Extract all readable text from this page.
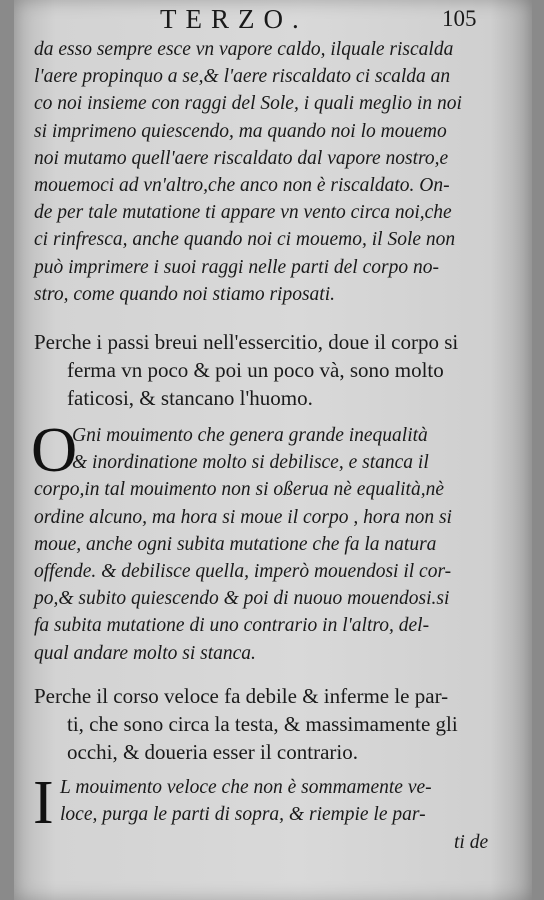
TERZO.	105
da esso sempre esce vn vapore caldo, ilquale riscalda
l'aere propinquo a se,& l'aere riscaldato ci scalda an
co noi insieme con raggi del Sole, i quali meglio in noi
si imprimeno quiescendo, ma quando noi lo mouemo
noi mutamo quell'aere riscaldato dal vapore nostro,e
mouemoci ad vn'altro,che anco non è riscaldato. On-
de per tale mutatione ti appare vn vento circa noi,che
ci rinfresca, anche quando noi ci mouemo, il Sole non
può imprimere i suoi raggi nelle parti del corpo no-
stro, come quando noi stiamo riposati.
Perche i passi breui nell'essercitio, doue il corpo si
ferma vn poco & poi un poco và, sono molto
faticosi, & stancano l'huomo.
O
Gni mouimento che genera grande inequalità
& inordinatione molto si debilisce, e stanca il
corpo,in tal mouimento non si oßerua nè equalità,nè
ordine alcuno, ma hora si moue il corpo , hora non si
moue, anche ogni subita mutatione che fa la natura
offende. & debilisce quella, imperò mouendosi il cor-
po,& subito quiescendo & poi di nuouo mouendosi.si
fa subita mutatione di uno contrario in l'altro, del-
qual andare molto si stanca.
Perche il corso veloce fa debile & inferme le par-
ti, che sono circa la testa, & massimamente gli
occhi, & doueria esser il contrario.
I L mouimento veloce che non è sommamente ve-
loce, purga le parti di sopra, & riempie le par-
ti de
